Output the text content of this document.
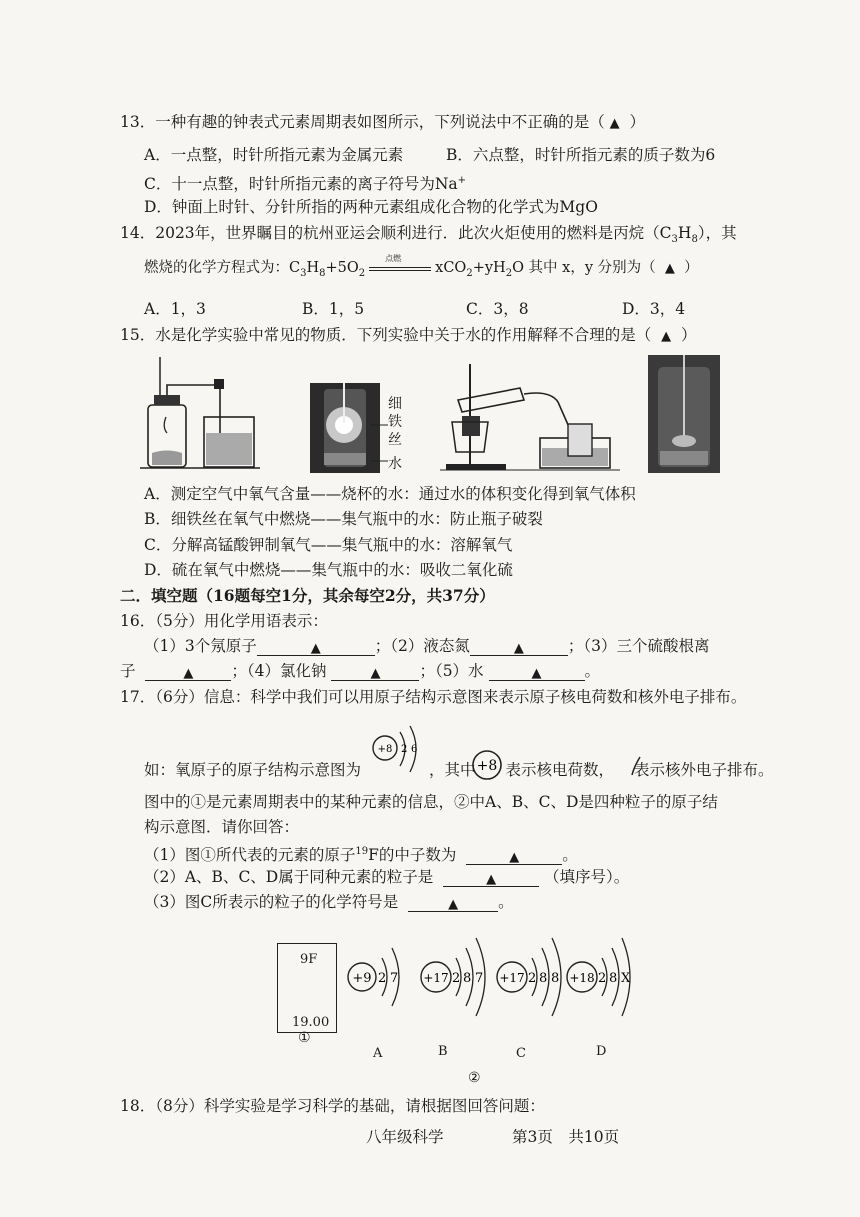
13．一种有趣的钟表式元素周期表如图所示，下列说法中不正确的是（ ▲ ）
A．一点整，时针所指元素为金属元素	B．六点整，时针所指元素的质子数为6
C．十一点整，时针所指元素的离子符号为Na+
D．钟面上时针、分针所指的两种元素组成化合物的化学式为MgO
14．2023年，世界瞩目的杭州亚运会顺利进行．此次火炬使用的燃料是丙烷$(C_3H_8)$，其
燃烧的化学方程式为：$C_3H_8+5O_2$
点燃
$xCO_2+yH_2O$ 其中 x，y 分别为（ ▲ ）
A．1，3	B．1，5	C．3，8	D．3，4
15．水是化学实验中常见的物质．下列实验中关于水的作用解释不合理的是（ ▲ ）
细
铁
丝
水
A．测定空气中氧气含量——烧杯的水：通过水的体积变化得到氧气体积
B．细铁丝在氧气中燃烧——集气瓶中的水：防止瓶子破裂
C．分解高锰酸钾制氧气——集气瓶中的水：溶解氧气
D．硫在氧气中燃烧——集气瓶中的水：吸收二氧化硫
二．填空题（16题每空1分，其余每空2分，共37分）
16．（5分）用化学用语表示：
（1）3个氖原子	▲	；（2）液态氮	▲	；（3）三个硫酸根离
子	▲ ；（4）氯化钠	▲	；（5）水	▲	。
17．（6分）信息：科学中我们可以用原子结构示意图来表示原子核电荷数和核外电子排布。
如：氧原子的原子结构示意图为	，其中 表示核电荷数， 表示核外电子排布。
+8 2 6
+8
图中的①是元素周期表中的某种元素的信息，②中A、B、C、D是四种粒子的原子结
构示意图．请你回答：
（1）图①所代表的元素的原子$^{19}$F的中子数为	▲	。
（2）A、B、C、D属于同种元素的粒子是	▲	（填序号）。
（3）图C所表示的粒子的化学符号是	▲	。
9F
19.00
①
+9 2 7 +17 2 8 7 +17 2 8 8 +18 2 8 X
A	B	C	D
②
18．（8分）科学实验是学习科学的基础，请根据图回答问题：
八年级科学	第3页　共10页
